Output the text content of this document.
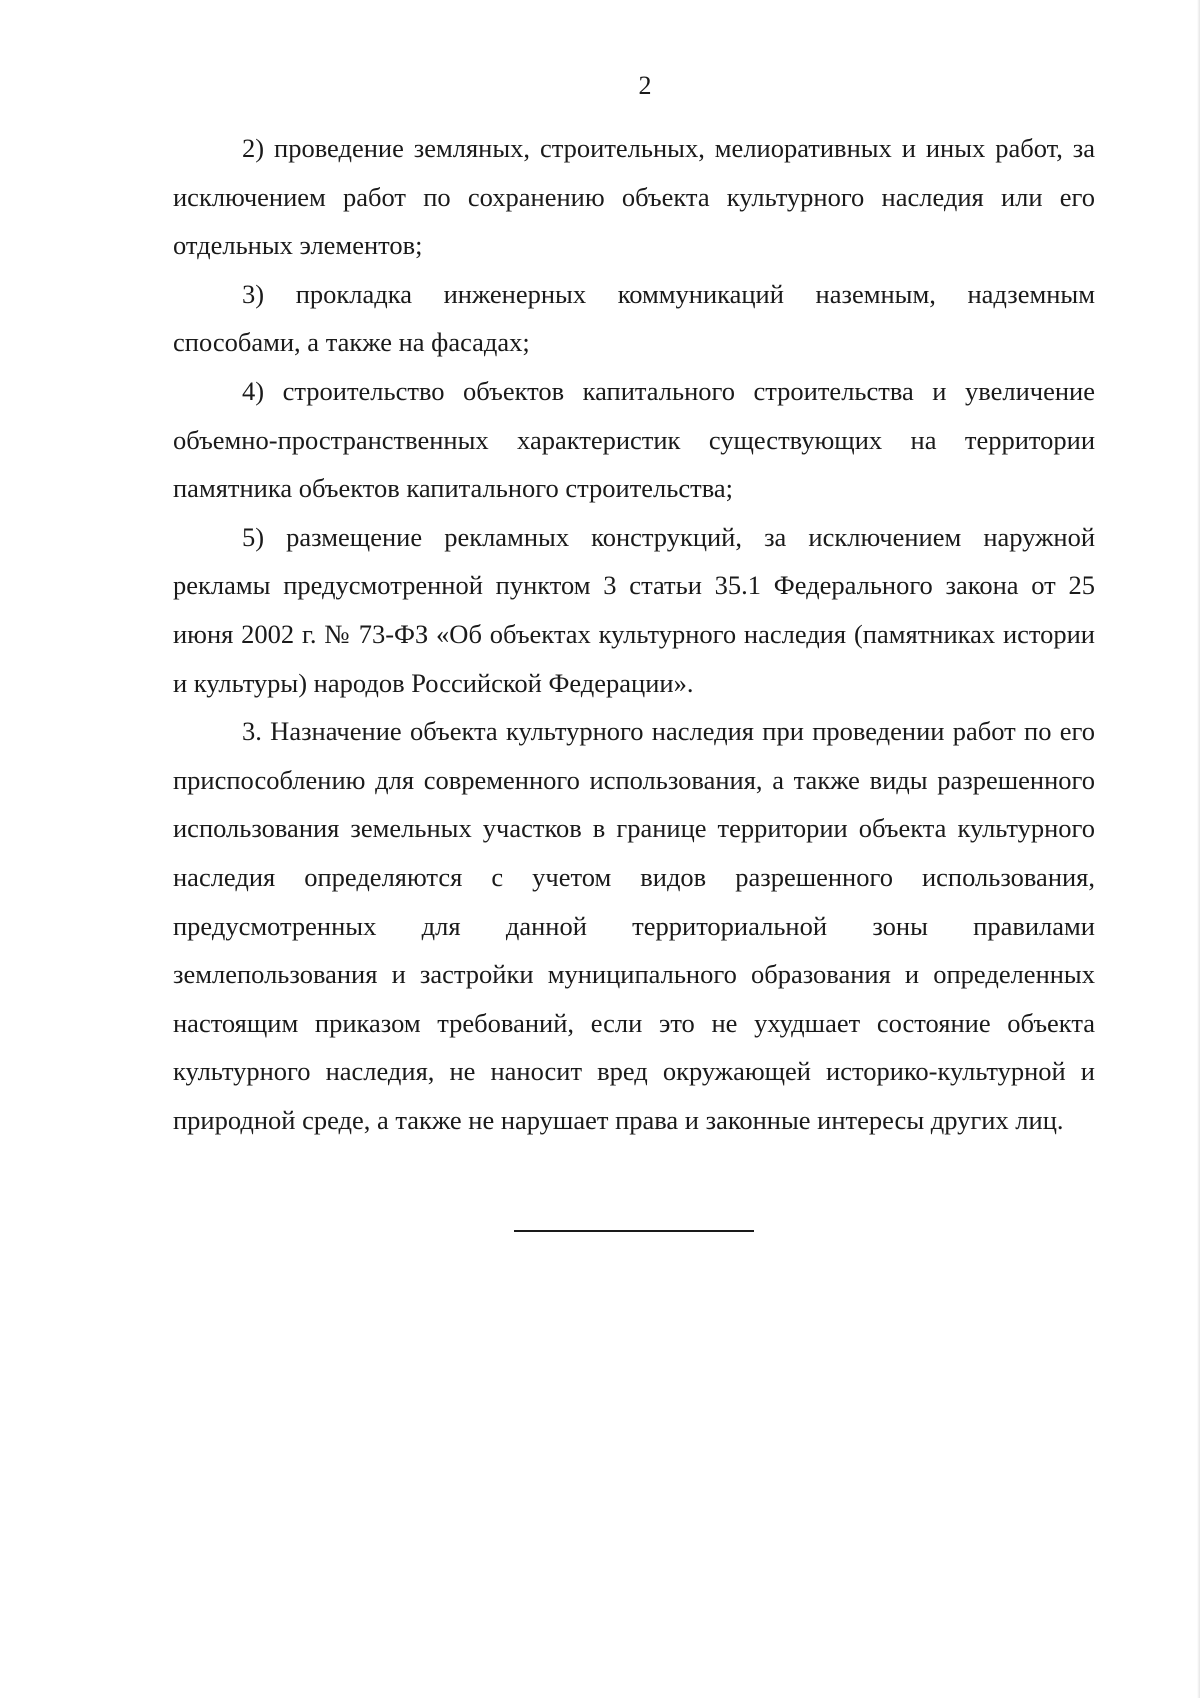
2

2) проведение земляных, строительных, мелиоративных и иных работ, за исключением работ по сохранению объекта культурного наследия или его отдельных элементов;

3) прокладка инженерных коммуникаций наземным, надземным способами, а также на фасадах;

4) строительство объектов капитального строительства и увеличение объемно-пространственных характеристик существующих на территории памятника объектов капитального строительства;

5) размещение рекламных конструкций, за исключением наружной рекламы предусмотренной пунктом 3 статьи 35.1 Федерального закона от 25 июня 2002 г. № 73-ФЗ «Об объектах культурного наследия (памятниках истории и культуры) народов Российской Федерации».

3. Назначение объекта культурного наследия при проведении работ по его приспособлению для современного использования, а также виды разрешенного использования земельных участков в границе территории объекта культурного наследия определяются с учетом видов разрешенного использования, предусмотренных для данной территориальной зоны правилами землепользования и застройки муниципального образования и определенных настоящим приказом требований, если это не ухудшает состояние объекта культурного наследия, не наносит вред окружающей историко-культурной и природной среде, а также не нарушает права и законные интересы других лиц.
